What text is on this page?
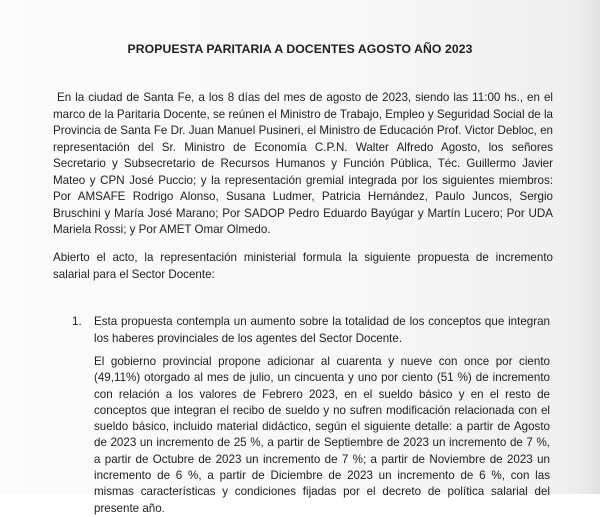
PROPUESTA PARITARIA A DOCENTES AGOSTO AÑO 2023

En la ciudad de Santa Fe, a los 8 días del mes de agosto de 2023, siendo las 11:00 hs., en el marco de la Paritaria Docente, se reúnen el Ministro de Trabajo, Empleo y Seguridad Social de la Provincia de Santa Fe Dr. Juan Manuel Pusineri, el Ministro de Educación Prof. Victor Debloc, en representación del Sr. Ministro de Economía C.P.N. Walter Alfredo Agosto, los señores Secretario y Subsecretario de Recursos Humanos y Función Pública, Téc. Guillermo Javier Mateo y CPN José Puccio; y la representación gremial integrada por los siguientes miembros: Por AMSAFE Rodrigo Alonso, Susana Ludmer, Patricia Hernández, Paulo Juncos, Sergio Bruschini y María José Marano; Por SADOP Pedro Eduardo Bayúgar y Martín Lucero; Por UDA Mariela Rossi; y Por AMET Omar Olmedo.

Abierto el acto, la representación ministerial formula la siguiente propuesta de incremento salarial para el Sector Docente:

1. Esta propuesta contempla un aumento sobre la totalidad de los conceptos que integran los haberes provinciales de los agentes del Sector Docente.

El gobierno provincial propone adicionar al cuarenta y nueve con once por ciento (49,11%) otorgado al mes de julio, un cincuenta y uno por ciento (51 %) de incremento con relación a los valores de Febrero 2023, en el sueldo básico y en el resto de conceptos que integran el recibo de sueldo y no sufren modificación relacionada con el sueldo básico, incluido material didáctico, según el siguiente detalle: a partir de Agosto de 2023 un incremento de 25 %, a partir de Septiembre de 2023 un incremento de 7 %, a partir de Octubre de 2023 un incremento de 7 %; a partir de Noviembre de 2023 un incremento de 6 %, a partir de Diciembre de 2023 un incremento de 6 %, con las mismas características y condiciones fijadas por el decreto de política salarial del presente año.
